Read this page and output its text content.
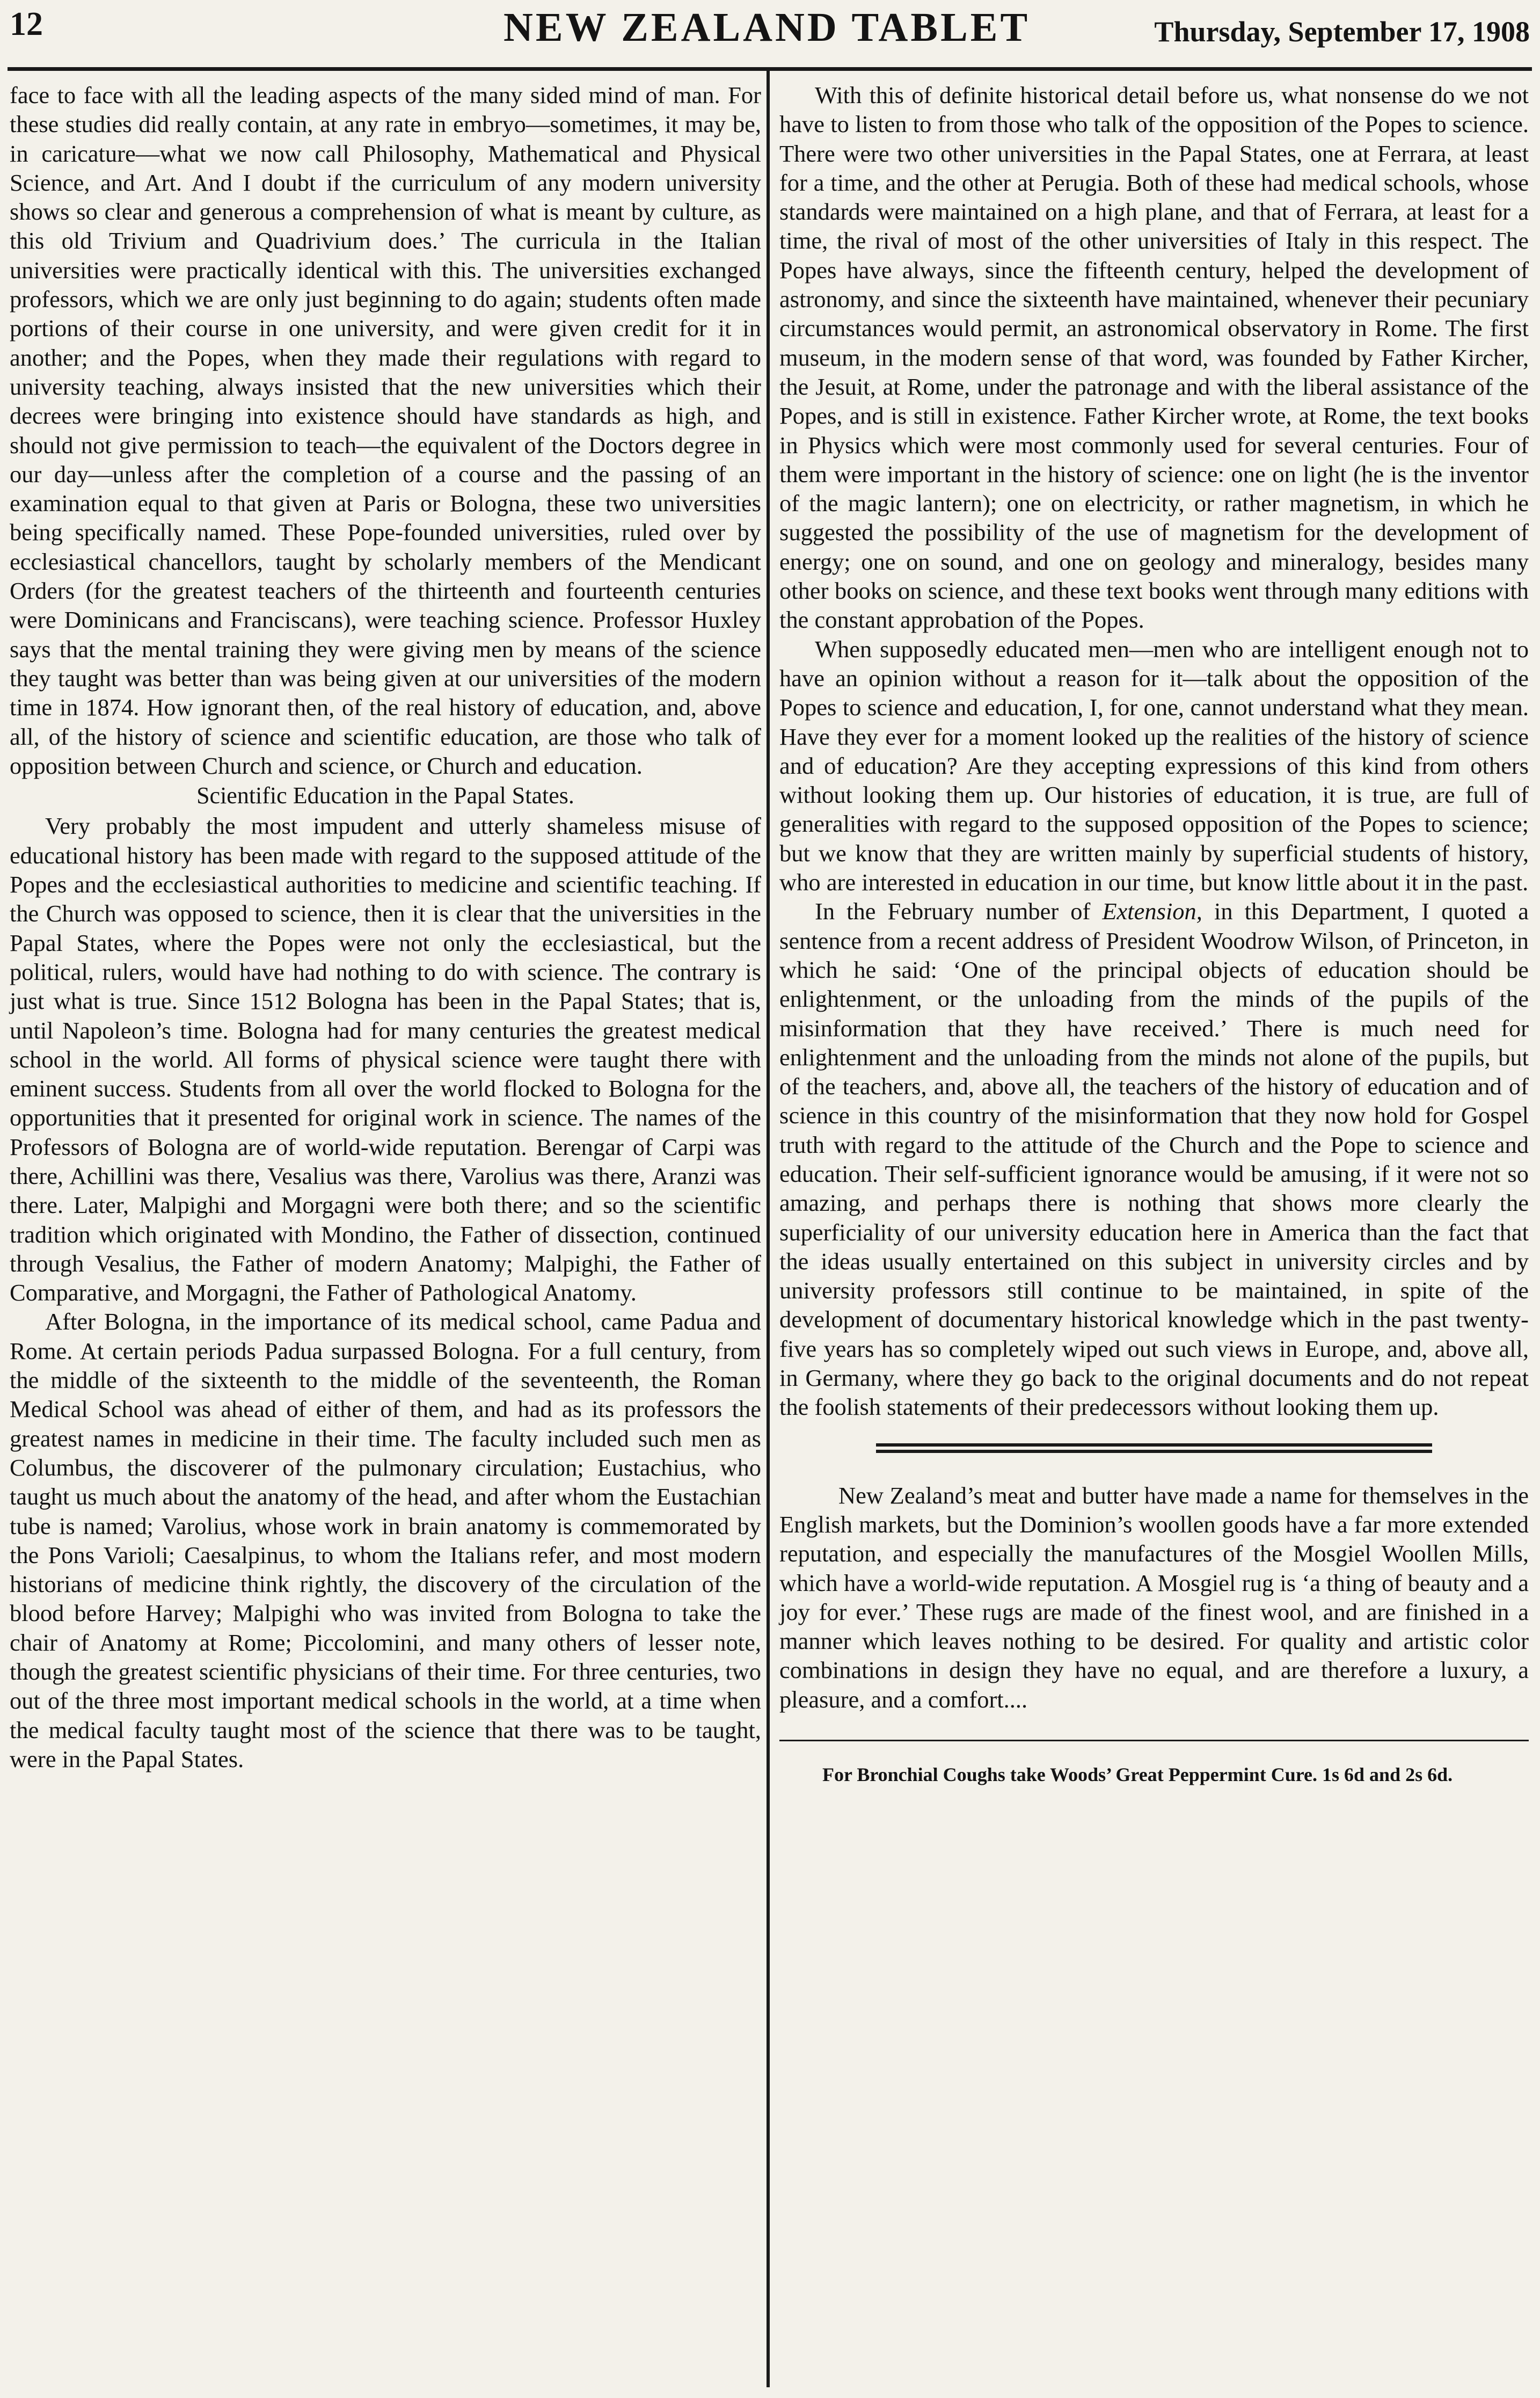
12	NEW ZEALAND TABLET	Thursday, September 17, 1908

face to face with all the leading aspects of the many sided mind of man. For these studies did really contain, at any rate in embryo—sometimes, it may be, in caricature—what we now call Philosophy, Mathematical and Physical Science, and Art. And I doubt if the curriculum of any modern university shows so clear and generous a comprehension of what is meant by culture, as this old Trivium and Quadrivium does.’ The curricula in the Italian universities were practically identical with this. The universities exchanged professors, which we are only just beginning to do again; students often made portions of their course in one university, and were given credit for it in another; and the Popes, when they made their regulations with regard to university teaching, always insisted that the new universities which their decrees were bringing into existence should have standards as high, and should not give permission to teach—the equivalent of the Doctors degree in our day—unless after the completion of a course and the passing of an examination equal to that given at Paris or Bologna, these two universities being specifically named. These Pope-founded universities, ruled over by ecclesiastical chancellors, taught by scholarly members of the Mendicant Orders (for the greatest teachers of the thirteenth and fourteenth centuries were Dominicans and Franciscans), were teaching science. Professor Huxley says that the mental training they were giving men by means of the science they taught was better than was being given at our universities of the modern time in 1874. How ignorant then, of the real history of education, and, above all, of the history of science and scientific education, are those who talk of opposition between Church and science, or Church and education.

Scientific Education in the Papal States.

Very probably the most impudent and utterly shameless misuse of educational history has been made with regard to the supposed attitude of the Popes and the ecclesiastical authorities to medicine and scientific teaching. If the Church was opposed to science, then it is clear that the universities in the Papal States, where the Popes were not only the ecclesiastical, but the political, rulers, would have had nothing to do with science. The contrary is just what is true. Since 1512 Bologna has been in the Papal States; that is, until Napoleon’s time. Bologna had for many centuries the greatest medical school in the world. All forms of physical science were taught there with eminent success. Students from all over the world flocked to Bologna for the opportunities that it presented for original work in science. The names of the Professors of Bologna are of world-wide reputation. Berengar of Carpi was there, Achillini was there, Vesalius was there, Varolius was there, Aranzi was there. Later, Malpighi and Morgagni were both there; and so the scientific tradition which originated with Mondino, the Father of dissection, continued through Vesalius, the Father of modern Anatomy; Malpighi, the Father of Comparative, and Morgagni, the Father of Pathological Anatomy.

After Bologna, in the importance of its medical school, came Padua and Rome. At certain periods Padua surpassed Bologna. For a full century, from the middle of the sixteenth to the middle of the seventeenth, the Roman Medical School was ahead of either of them, and had as its professors the greatest names in medicine in their time. The faculty included such men as Columbus, the discoverer of the pulmonary circulation; Eustachius, who taught us much about the anatomy of the head, and after whom the Eustachian tube is named; Varolius, whose work in brain anatomy is commemorated by the Pons Varioli; Caesalpinus, to whom the Italians refer, and most modern historians of medicine think rightly, the discovery of the circulation of the blood before Harvey; Malpighi who was invited from Bologna to take the chair of Anatomy at Rome; Piccolomini, and many others of lesser note, though the greatest scientific physicians of their time. For three centuries, two out of the three most important medical schools in the world, at a time when the medical faculty taught most of the science that there was to be taught, were in the Papal States.

With this of definite historical detail before us, what nonsense do we not have to listen to from those who talk of the opposition of the Popes to science. There were two other universities in the Papal States, one at Ferrara, at least for a time, and the other at Perugia. Both of these had medical schools, whose standards were maintained on a high plane, and that of Ferrara, at least for a time, the rival of most of the other universities of Italy in this respect. The Popes have always, since the fifteenth century, helped the development of astronomy, and since the sixteenth have maintained, whenever their pecuniary circumstances would permit, an astronomical observatory in Rome. The first museum, in the modern sense of that word, was founded by Father Kircher, the Jesuit, at Rome, under the patronage and with the liberal assistance of the Popes, and is still in existence. Father Kircher wrote, at Rome, the text books in Physics which were most commonly used for several centuries. Four of them were important in the history of science: one on light (he is the inventor of the magic lantern); one on electricity, or rather magnetism, in which he suggested the possibility of the use of magnetism for the development of energy; one on sound, and one on geology and mineralogy, besides many other books on science, and these text books went through many editions with the constant approbation of the Popes.

When supposedly educated men—men who are intelligent enough not to have an opinion without a reason for it—talk about the opposition of the Popes to science and education, I, for one, cannot understand what they mean. Have they ever for a moment looked up the realities of the history of science and of education? Are they accepting expressions of this kind from others without looking them up. Our histories of education, it is true, are full of generalities with regard to the supposed opposition of the Popes to science; but we know that they are written mainly by superficial students of history, who are interested in education in our time, but know little about it in the past.

In the February number of Extension, in this Department, I quoted a sentence from a recent address of President Woodrow Wilson, of Princeton, in which he said: ‘One of the principal objects of education should be enlightenment, or the unloading from the minds of the pupils of the misinformation that they have received.’ There is much need for enlightenment and the unloading from the minds not alone of the pupils, but of the teachers, and, above all, the teachers of the history of education and of science in this country of the misinformation that they now hold for Gospel truth with regard to the attitude of the Church and the Pope to science and education. Their self-sufficient ignorance would be amusing, if it were not so amazing, and perhaps there is nothing that shows more clearly the superficiality of our university education here in America than the fact that the ideas usually entertained on this subject in university circles and by university professors still continue to be maintained, in spite of the development of documentary historical knowledge which in the past twenty-five years has so completely wiped out such views in Europe, and, above all, in Germany, where they go back to the original documents and do not repeat the foolish statements of their predecessors without looking them up.

New Zealand’s meat and butter have made a name for themselves in the English markets, but the Dominion’s woollen goods have a far more extended reputation, and especially the manufactures of the Mosgiel Woollen Mills, which have a world-wide reputation. A Mosgiel rug is ‘a thing of beauty and a joy for ever.’ These rugs are made of the finest wool, and are finished in a manner which leaves nothing to be desired. For quality and artistic color combinations in design they have no equal, and are therefore a luxury, a pleasure, and a comfort....

For Bronchial Coughs take Woods’ Great Peppermint Cure. 1s 6d and 2s 6d.
